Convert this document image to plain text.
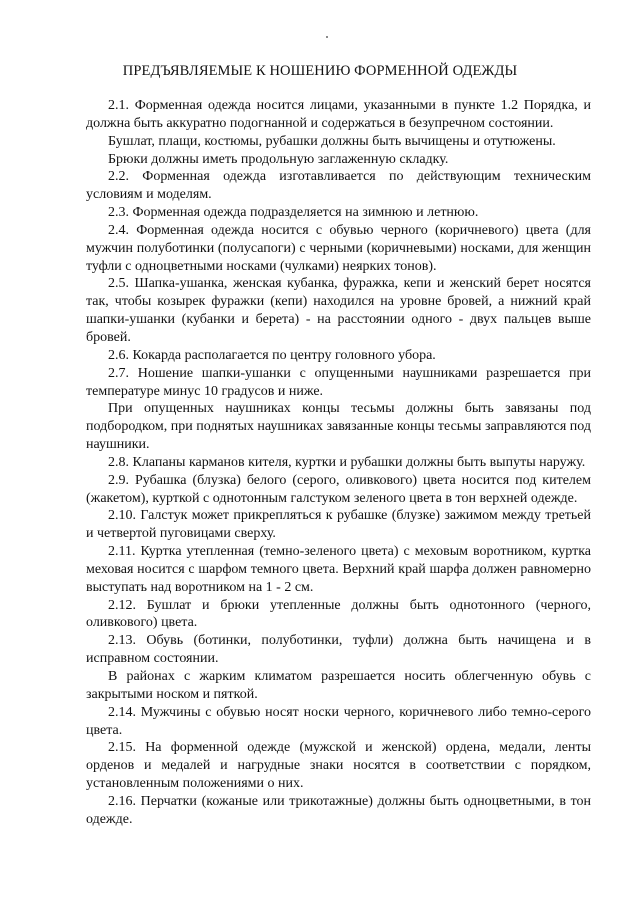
ПРЕДЪЯВЛЯЕМЫЕ К НОШЕНИЮ ФОРМЕННОЙ ОДЕЖДЫ

2.1. Форменная одежда носится лицами, указанными в пункте 1.2 Порядка, и должна быть аккуратно подогнанной и содержаться в безупречном состоянии.

Бушлат, плащи, костюмы, рубашки должны быть вычищены и отутюжены.

Брюки должны иметь продольную заглаженную складку.

2.2. Форменная одежда изготавливается по действующим техническим условиям и моделям.

2.3. Форменная одежда подразделяется на зимнюю и летнюю.

2.4. Форменная одежда носится с обувью черного (коричневого) цвета (для мужчин полуботинки (полусапоги) с черными (коричневыми) носками, для женщин туфли с одноцветными носками (чулками) неярких тонов).

2.5. Шапка-ушанка, женская кубанка, фуражка, кепи и женский берет носятся так, чтобы козырек фуражки (кепи) находился на уровне бровей, а нижний край шапки-ушанки (кубанки и берета) - на расстоянии одного - двух пальцев выше бровей.

2.6. Кокарда располагается по центру головного убора.

2.7. Ношение шапки-ушанки с опущенными наушниками разрешается при температуре минус 10 градусов и ниже.

При опущенных наушниках концы тесьмы должны быть завязаны под подбородком, при поднятых наушниках завязанные концы тесьмы заправляются под наушники.

2.8. Клапаны карманов кителя, куртки и рубашки должны быть выпуты наружу.

2.9. Рубашка (блузка) белого (серого, оливкового) цвета носится под кителем (жакетом), курткой с однотонным галстуком зеленого цвета в тон верхней одежде.

2.10. Галстук может прикрепляться к рубашке (блузке) зажимом между третьей и четвертой пуговицами сверху.

2.11. Куртка утепленная (темно-зеленого цвета) с меховым воротником, куртка меховая носится с шарфом темного цвета. Верхний край шарфа должен равномерно выступать над воротником на 1 - 2 см.

2.12. Бушлат и брюки утепленные должны быть однотонного (черного, оливкового) цвета.

2.13. Обувь (ботинки, полуботинки, туфли) должна быть начищена и в исправном состоянии.

В районах с жарким климатом разрешается носить облегченную обувь с закрытыми носком и пяткой.

2.14. Мужчины с обувью носят носки черного, коричневого либо темно-серого цвета.

2.15. На форменной одежде (мужской и женской) ордена, медали, ленты орденов и медалей и нагрудные знаки носятся в соответствии с порядком, установленным положениями о них.

2.16. Перчатки (кожаные или трикотажные) должны быть одноцветными, в тон одежде.
